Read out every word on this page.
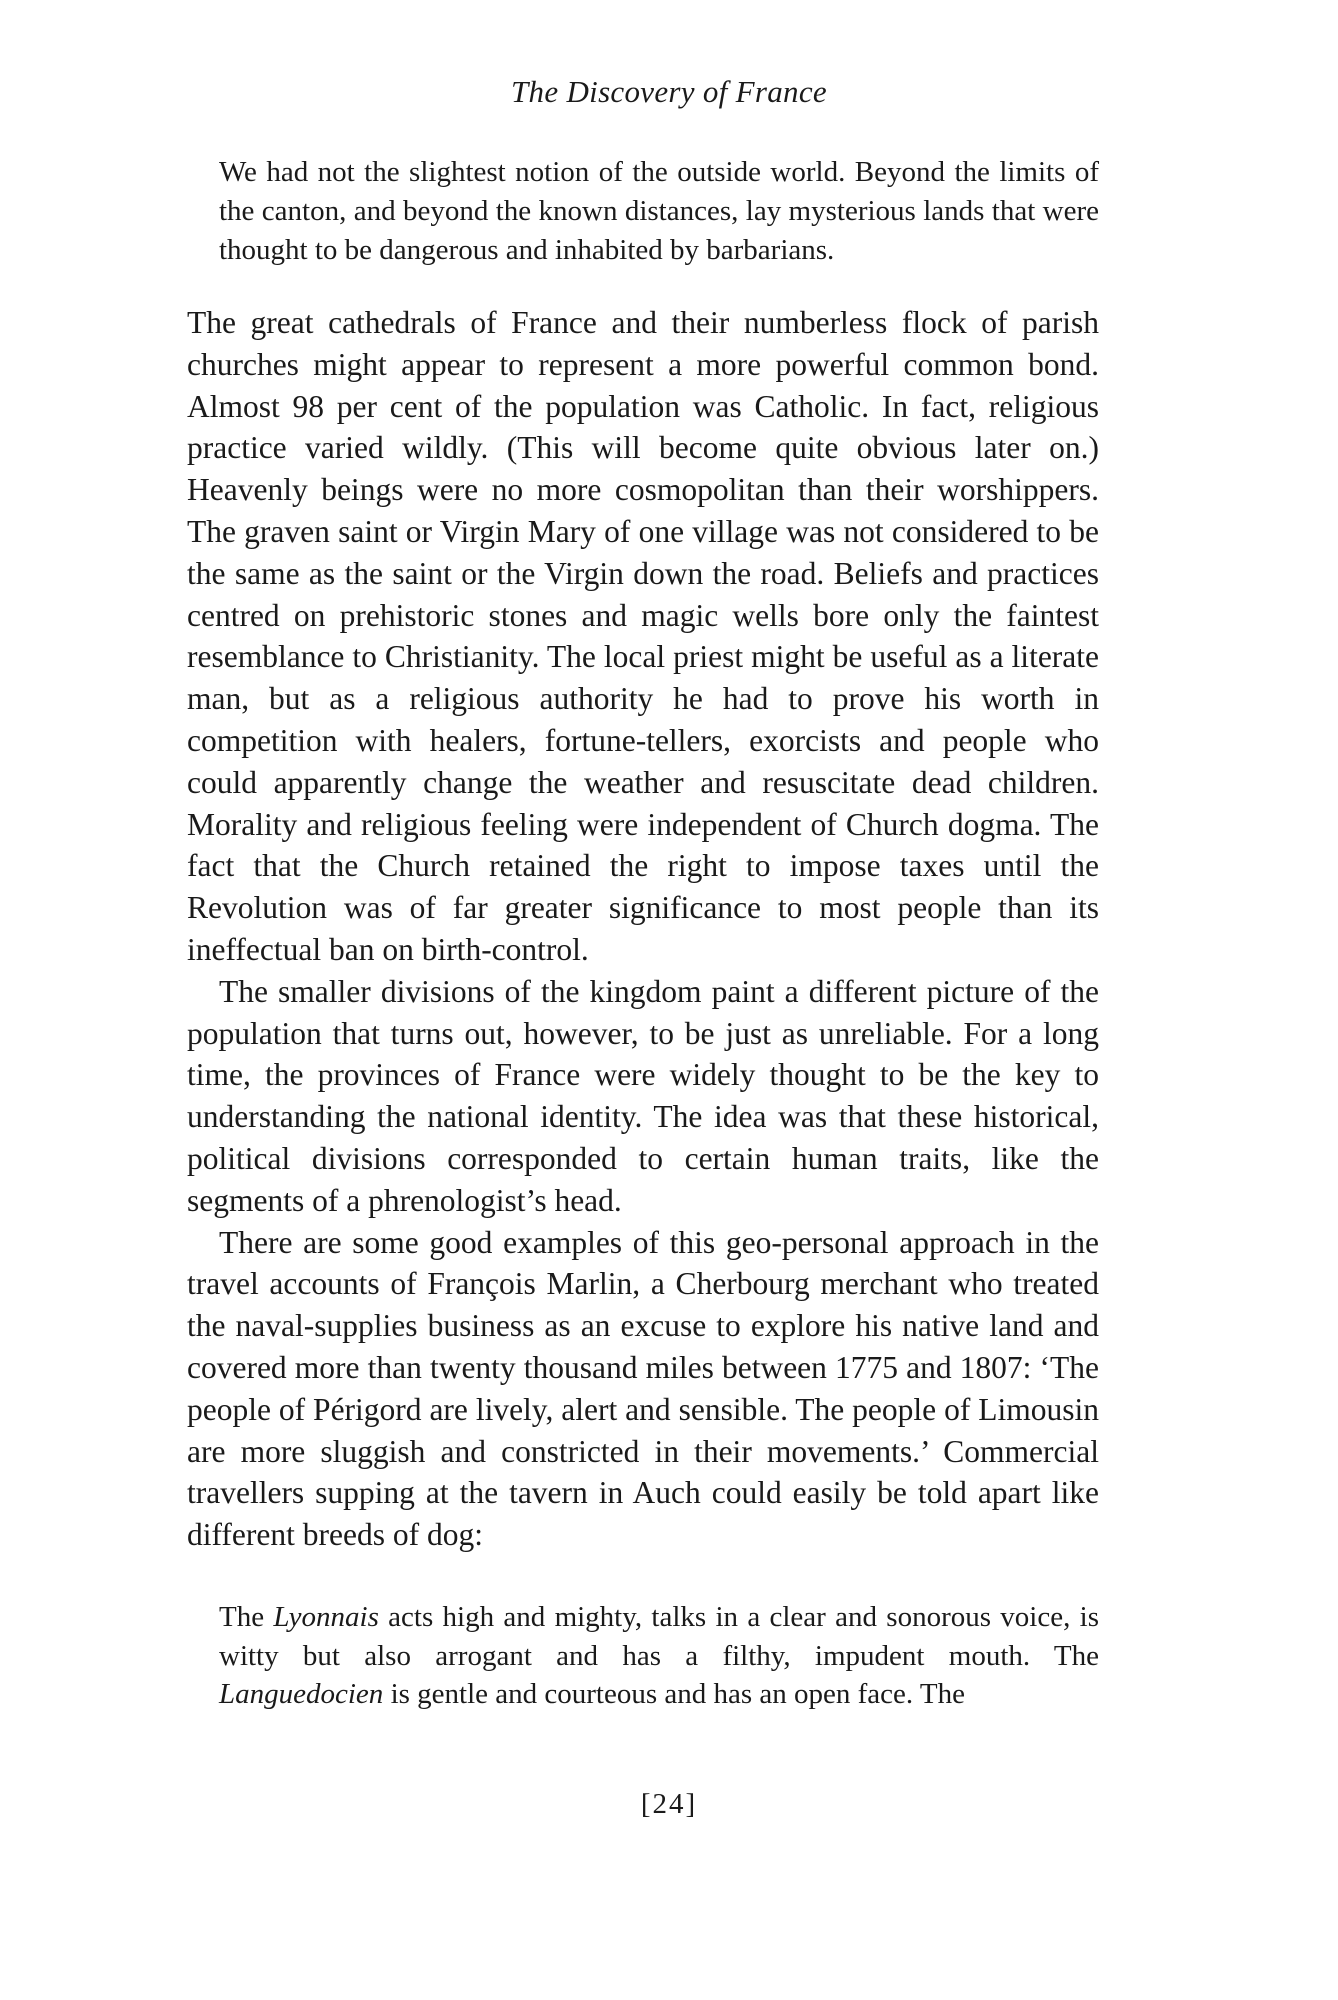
The Discovery of France

We had not the slightest notion of the outside world. Beyond the limits of the canton, and beyond the known distances, lay mysterious lands that were thought to be dangerous and inhabited by barbarians.

The great cathedrals of France and their numberless flock of parish churches might appear to represent a more powerful common bond. Almost 98 per cent of the population was Catholic. In fact, religious practice varied wildly. (This will become quite obvious later on.) Heavenly beings were no more cosmopolitan than their worshippers. The graven saint or Virgin Mary of one village was not considered to be the same as the saint or the Virgin down the road. Beliefs and practices centred on prehistoric stones and magic wells bore only the faintest resemblance to Christianity. The local priest might be useful as a literate man, but as a religious authority he had to prove his worth in competition with healers, fortune-tellers, exorcists and people who could apparently change the weather and resuscitate dead children. Morality and religious feeling were independent of Church dogma. The fact that the Church retained the right to impose taxes until the Revolution was of far greater significance to most people than its ineffectual ban on birth-control.

The smaller divisions of the kingdom paint a different picture of the population that turns out, however, to be just as unreliable. For a long time, the provinces of France were widely thought to be the key to understanding the national identity. The idea was that these historical, political divisions corresponded to certain human traits, like the segments of a phrenologist’s head.

There are some good examples of this geo-personal approach in the travel accounts of François Marlin, a Cherbourg merchant who treated the naval-supplies business as an excuse to explore his native land and covered more than twenty thousand miles between 1775 and 1807: ‘The people of Périgord are lively, alert and sensible. The people of Limousin are more sluggish and constricted in their movements.’ Commercial travellers supping at the tavern in Auch could easily be told apart like different breeds of dog:

The Lyonnais acts high and mighty, talks in a clear and sonorous voice, is witty but also arrogant and has a filthy, impudent mouth. The Languedocien is gentle and courteous and has an open face. The

[24]
